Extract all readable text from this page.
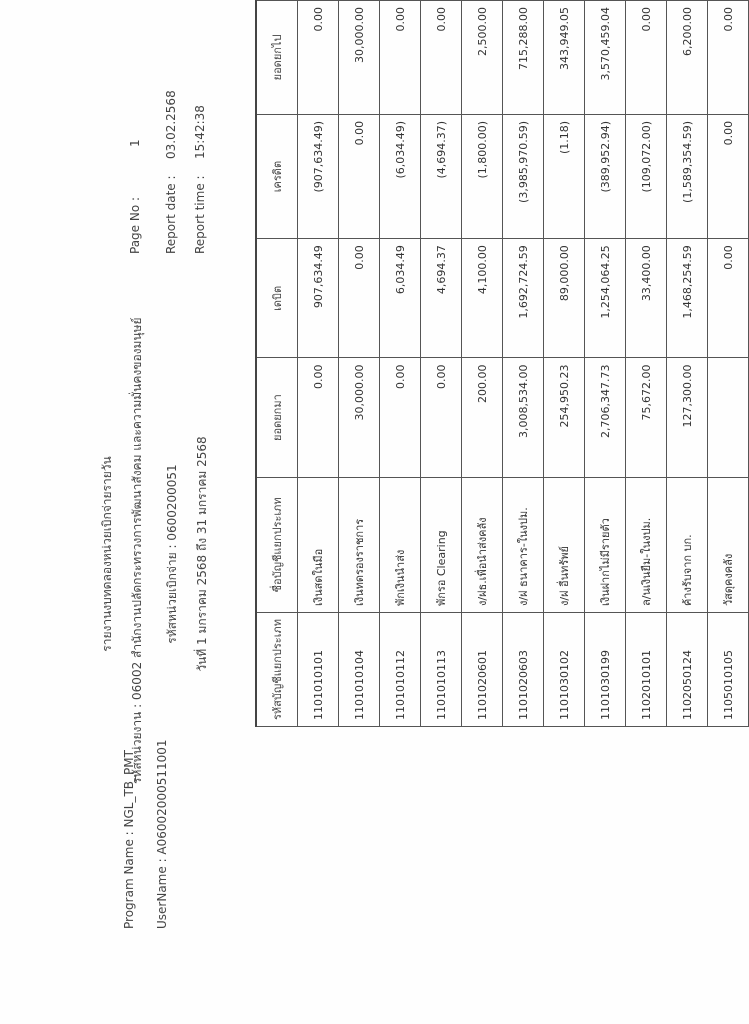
Program Name : NGL_TB_PMT UserName : A06002000511001
รายงานงบทดลองหน่วยเบิกจ่ายรายวัน รหัสหน่วยงาน : 06002 สำนักงานปลัดกระทรวงการพัฒนาสังคม และความมั่นคงของมนุษย์ รหัสหน่วยเบิกจ่าย : 0600200051 วันที่ 1 มกราคม 2568 ถึง 31 มกราคม 2568
Page No :
1
Report date :
03.02.2568
Report time :
15:42:38
รหัสบัญชีแยกประเภท	ชื่อบัญชีแยกประเภท	ยอดยกมา	เดบิต	เครดิต	ยอดยกไป
1101010101	เงินสดในมือ	0.00	907,634.49	(907,634.49)	0.00
1101010104	เงินทดรองราชการ	30,000.00	0.00	0.00	30,000.00
1101010112	พักเงินนำส่ง	0.00	6,034.49	(6,034.49)	0.00
1101010113	พักรอ Clearing	0.00	4,694.37	(4,694.37)	0.00
1101020601	ง/ฝธ.เพื่อนำส่งคลัง	200.00	4,100.00	(1,800.00)	2,500.00
1101020603	ง/ฝ ธนาคาร-ในงปม.	3,008,534.00	1,692,724.59	(3,985,970.59)	715,288.00
1101030102	ง/ฝ อื่นทรัพย์	254,950.23	89,000.00	(1.18)	343,949.05
1101030199	เงินฝากไม่มีรายตัว	2,706,347.73	1,254,064.25	(389,952.94)	3,570,459.04
1102010101	ล/นเงินยืม-ในงปม.	75,672.00	33,400.00	(109,072.00)	0.00
1102050124	ค้างรับจาก บก.	127,300.00	1,468,254.59	(1,589,354.59)	6,200.00
1105010105	วัสดุคงคลัง		0.00	0.00	0.00
